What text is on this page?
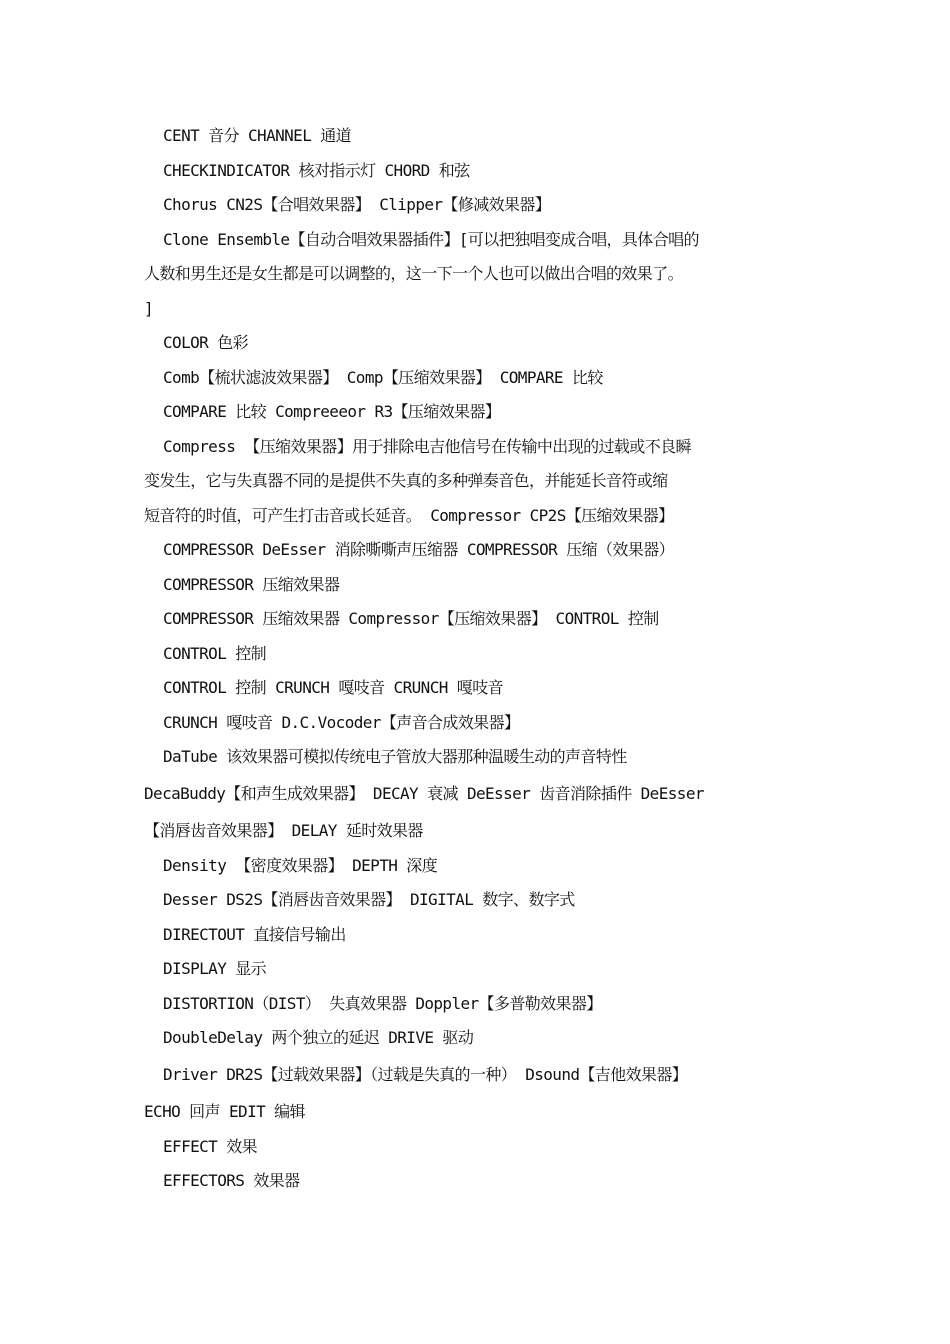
CENT 音分 CHANNEL 通道
CHECKINDICATOR 核对指示灯 CHORD 和弦
Chorus CN2S【合唱效果器】 Clipper【修减效果器】
Clone Ensemble【自动合唱效果器插件】[可以把独唱变成合唱，具体合唱的
人数和男生还是女生都是可以调整的，这一下一个人也可以做出合唱的效果了。
]
COLOR 色彩
Comb【梳状滤波效果器】 Comp【压缩效果器】 COMPARE 比较
COMPARE 比较 Compreeeor R3【压缩效果器】
Compress 【压缩效果器】用于排除电吉他信号在传输中出现的过载或不良瞬
变发生，它与失真器不同的是提供不失真的多种弹奏音色，并能延长音符或缩
短音符的时值，可产生打击音或长延音。 Compressor CP2S【压缩效果器】
COMPRESSOR DeEsser 消除嘶嘶声压缩器 COMPRESSOR 压缩（效果器）
COMPRESSOR 压缩效果器
COMPRESSOR 压缩效果器 Compressor【压缩效果器】 CONTROL 控制
CONTROL 控制
CONTROL 控制 CRUNCH 嘎吱音 CRUNCH 嘎吱音
CRUNCH 嘎吱音 D.C.Vocoder【声音合成效果器】
DaTube 该效果器可模拟传统电子管放大器那种温暖生动的声音特性
DecaBuddy【和声生成效果器】 DECAY 衰减 DeEsser 齿音消除插件 DeEsser
【消唇齿音效果器】 DELAY 延时效果器
Density 【密度效果器】 DEPTH 深度
Desser DS2S【消唇齿音效果器】 DIGITAL 数字、数字式
DIRECTOUT 直接信号输出
DISPLAY 显示
DISTORTION（DIST） 失真效果器 Doppler【多普勒效果器】
DoubleDelay 两个独立的延迟 DRIVE 驱动
Driver DR2S【过载效果器】（过载是失真的一种） Dsound【吉他效果器】
ECHO 回声 EDIT 编辑
EFFECT 效果
EFFECTORS 效果器
